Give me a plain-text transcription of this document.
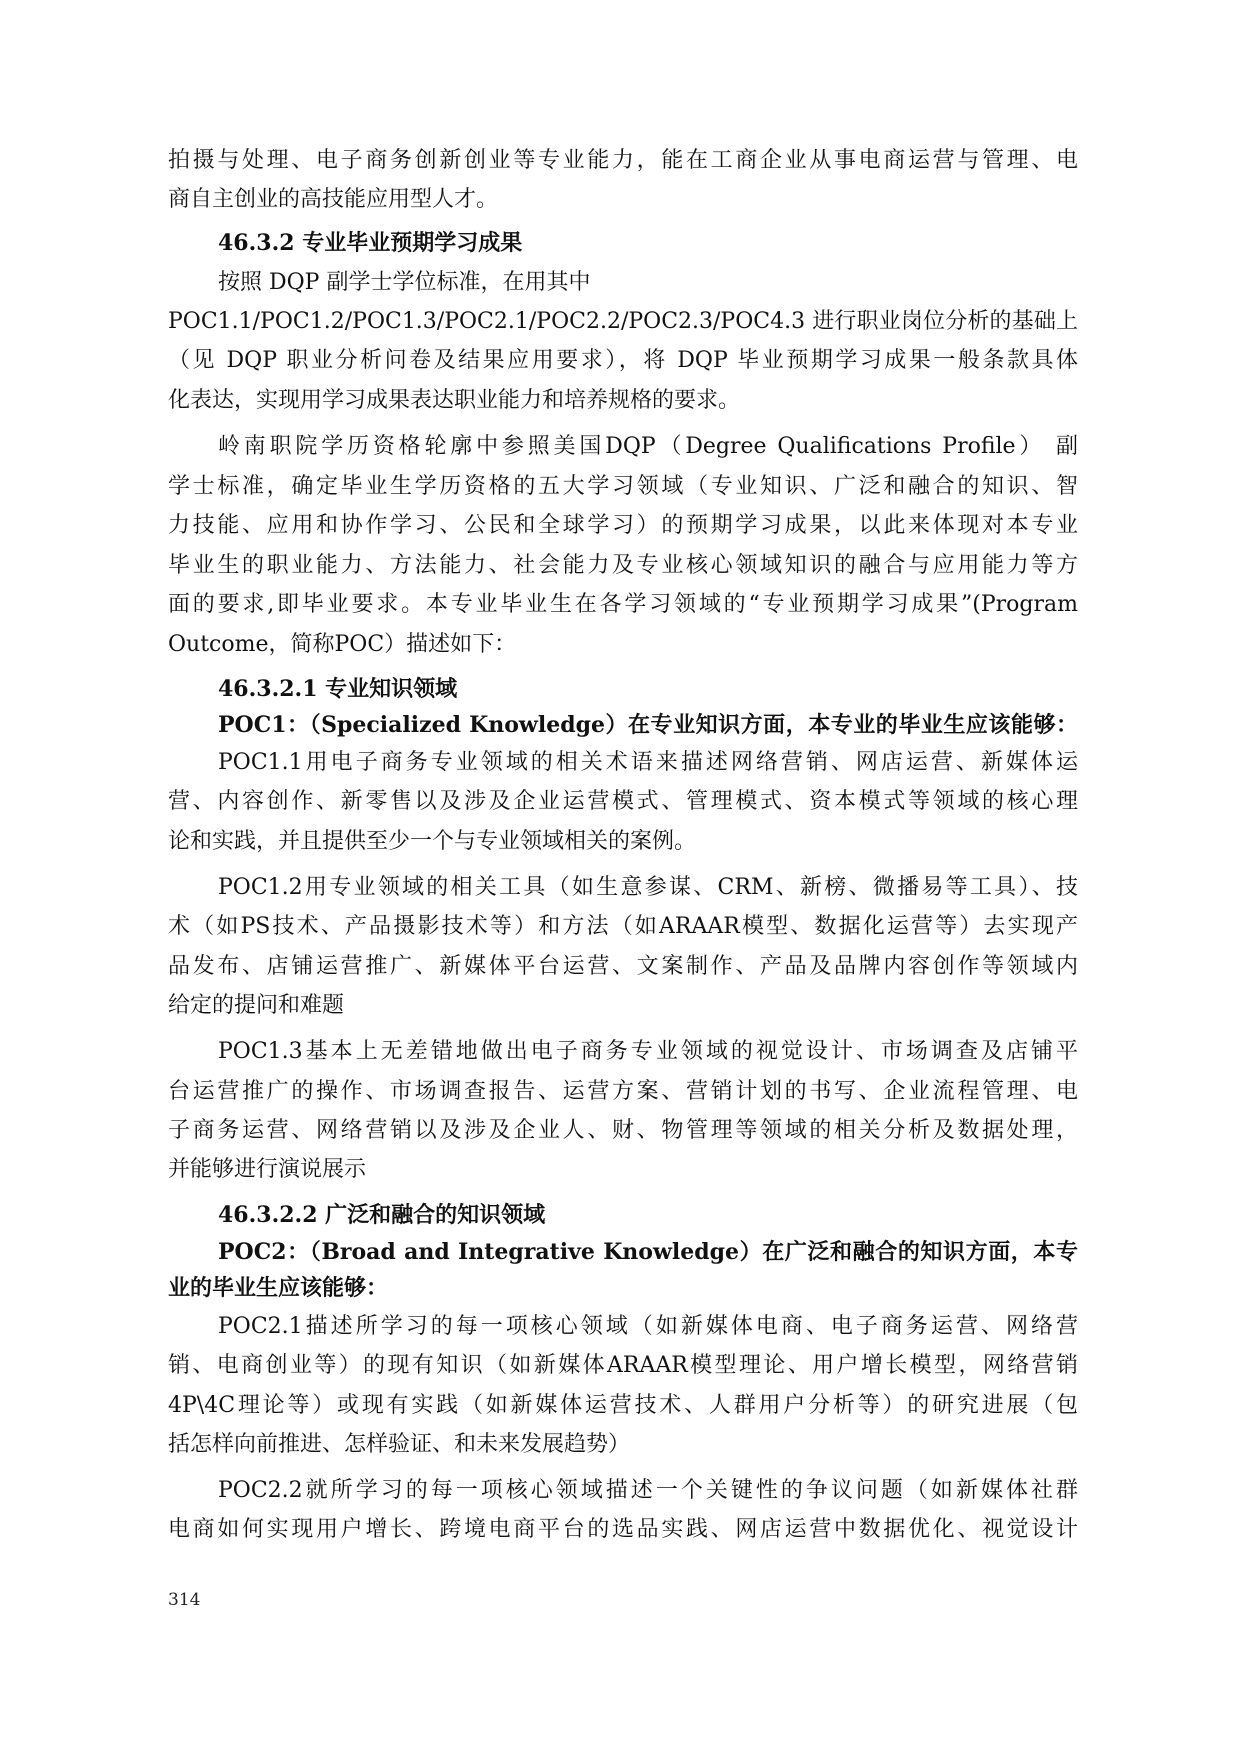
拍摄与处理、电子商务创新创业等专业能力，能在工商企业从事电商运营与管理、电
商自主创业的高技能应用型人才。
46.3.2 专业毕业预期学习成果
按照 DQP 副学士学位标准，在用其中
POC1.1/POC1.2/POC1.3/POC2.1/POC2.2/POC2.3/POC4.3 进行职业岗位分析的基础上
（见 DQP 职业分析问卷及结果应用要求），将 DQP 毕业预期学习成果一般条款具体
化表达，实现用学习成果表达职业能力和培养规格的要求。
岭南职院学历资格轮廓中参照美国DQP（Degree Qualifications Profile） 副
学士标准，确定毕业生学历资格的五大学习领域（专业知识、广泛和融合的知识、智
力技能、应用和协作学习、公民和全球学习）的预期学习成果，以此来体现对本专业
毕业生的职业能力、方法能力、社会能力及专业核心领域知识的融合与应用能力等方
面的要求,即毕业要求。本专业毕业生在各学习领域的“专业预期学习成果”(Program
Outcome，简称POC）描述如下：
46.3.2.1 专业知识领域
POC1：（Specialized Knowledge）在专业知识方面，本专业的毕业生应该能够：
POC1.1用电子商务专业领域的相关术语来描述网络营销、网店运营、新媒体运
营、内容创作、新零售以及涉及企业运营模式、管理模式、资本模式等领域的核心理
论和实践，并且提供至少一个与专业领域相关的案例。
POC1.2用专业领域的相关工具（如生意参谋、CRM、新榜、微播易等工具）、技
术（如PS技术、产品摄影技术等）和方法（如ARAAR模型、数据化运营等）去实现产
品发布、店铺运营推广、新媒体平台运营、文案制作、产品及品牌内容创作等领域内
给定的提问和难题
POC1.3基本上无差错地做出电子商务专业领域的视觉设计、市场调查及店铺平
台运营推广的操作、市场调查报告、运营方案、营销计划的书写、企业流程管理、电
子商务运营、网络营销以及涉及企业人、财、物管理等领域的相关分析及数据处理，
并能够进行演说展示
46.3.2.2 广泛和融合的知识领域
POC2：（Broad and Integrative Knowledge）在广泛和融合的知识方面，本专
业的毕业生应该能够：
POC2.1描述所学习的每一项核心领域（如新媒体电商、电子商务运营、网络营
销、电商创业等）的现有知识（如新媒体ARAAR模型理论、用户增长模型，网络营销
4P\4C理论等）或现有实践（如新媒体运营技术、人群用户分析等）的研究进展（包
括怎样向前推进、怎样验证、和未来发展趋势）
POC2.2就所学习的每一项核心领域描述一个关键性的争议问题（如新媒体社群
电商如何实现用户增长、跨境电商平台的选品实践、网店运营中数据优化、视觉设计
314
